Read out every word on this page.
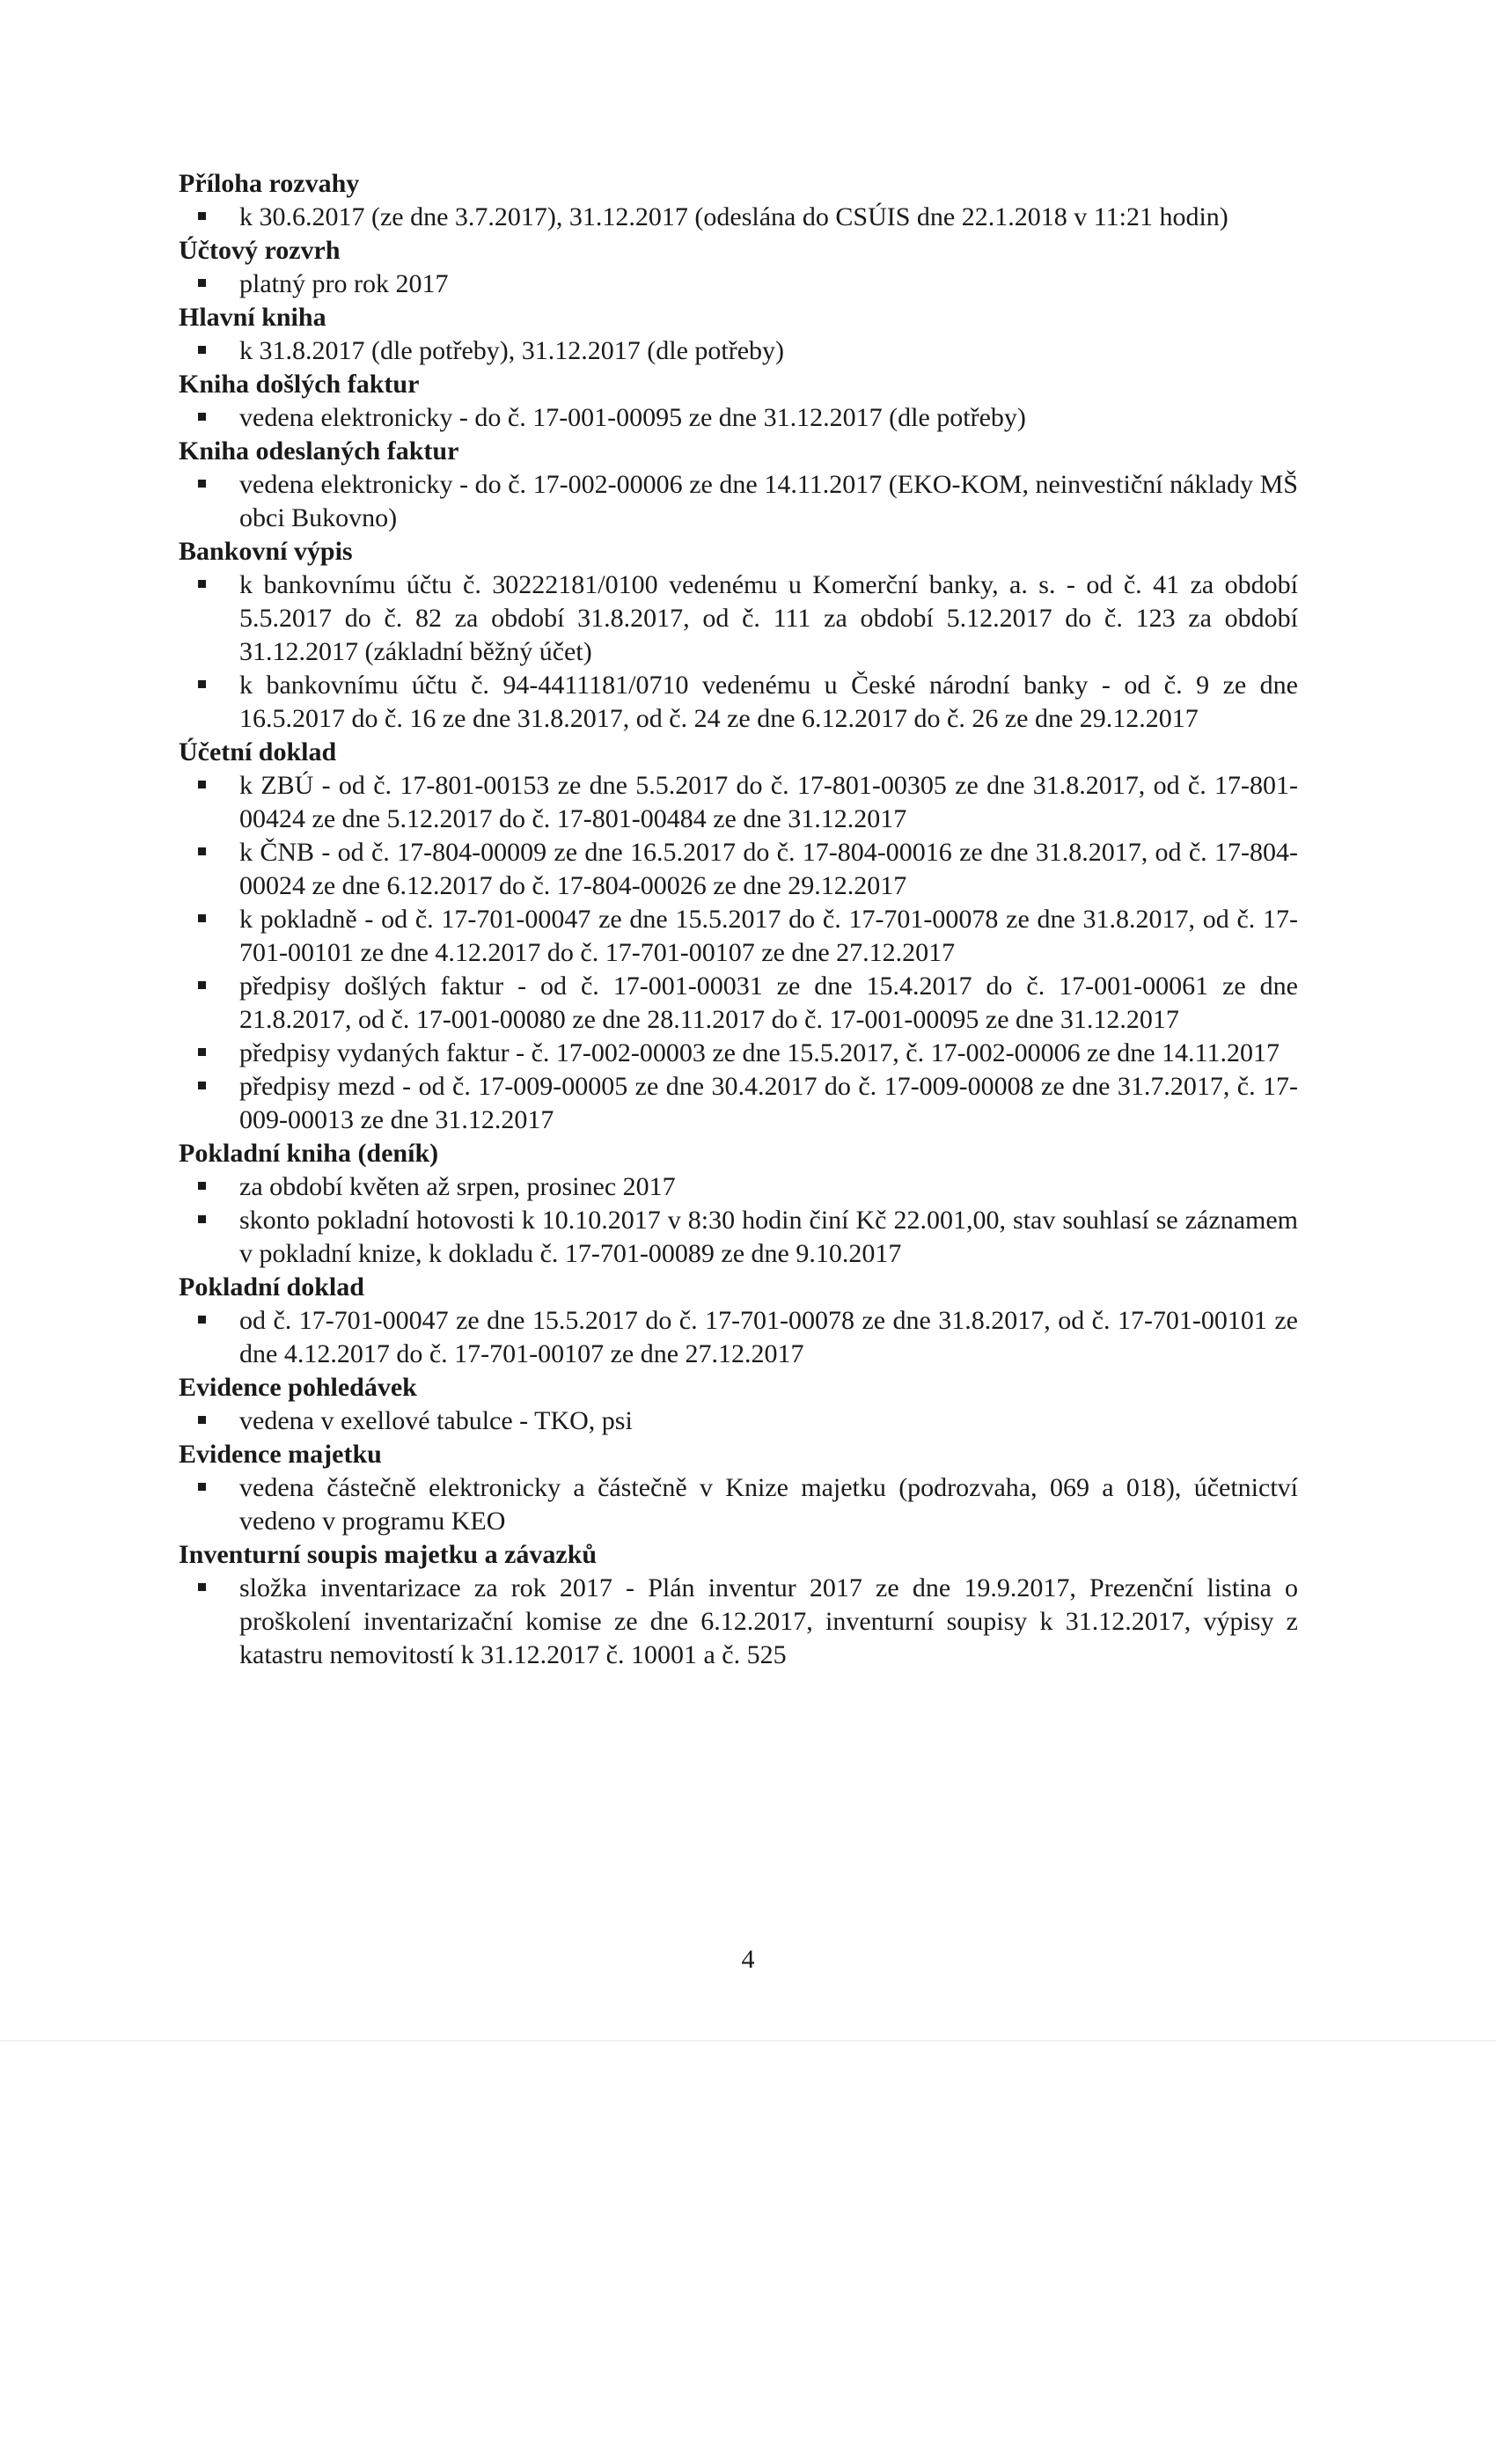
Příloha rozvahy
k 30.6.2017 (ze dne 3.7.2017), 31.12.2017 (odeslána do CSÚIS dne 22.1.2018 v 11:21 hodin)
Účtový rozvrh
platný pro rok 2017
Hlavní kniha
k 31.8.2017 (dle potřeby), 31.12.2017 (dle potřeby)
Kniha došlých faktur
vedena elektronicky - do č. 17-001-00095 ze dne 31.12.2017 (dle potřeby)
Kniha odeslaných faktur
vedena elektronicky - do č. 17-002-00006 ze dne 14.11.2017 (EKO-KOM, neinvestiční náklady MŠ obci Bukovno)
Bankovní výpis
k bankovnímu účtu č. 30222181/0100 vedenému u Komerční banky, a. s. - od č. 41 za období 5.5.2017 do č. 82 za období 31.8.2017, od č. 111 za období 5.12.2017 do č. 123 za období 31.12.2017 (základní běžný účet)
k bankovnímu účtu č. 94-4411181/0710 vedenému u České národní banky - od č. 9 ze dne 16.5.2017 do č. 16 ze dne 31.8.2017, od č. 24 ze dne 6.12.2017 do č. 26 ze dne 29.12.2017
Účetní doklad
k ZBÚ - od č. 17-801-00153 ze dne 5.5.2017 do č. 17-801-00305 ze dne 31.8.2017, od č. 17-801-00424 ze dne 5.12.2017 do č. 17-801-00484 ze dne 31.12.2017
k ČNB - od č. 17-804-00009 ze dne 16.5.2017 do č. 17-804-00016 ze dne 31.8.2017, od č. 17-804-00024 ze dne 6.12.2017 do č. 17-804-00026 ze dne 29.12.2017
k pokladně - od č. 17-701-00047 ze dne 15.5.2017 do č. 17-701-00078 ze dne 31.8.2017, od č. 17-701-00101 ze dne 4.12.2017 do č. 17-701-00107 ze dne 27.12.2017
předpisy došlých faktur - od č. 17-001-00031 ze dne 15.4.2017 do č. 17-001-00061 ze dne 21.8.2017, od č. 17-001-00080 ze dne 28.11.2017 do č. 17-001-00095 ze dne 31.12.2017
předpisy vydaných faktur - č. 17-002-00003 ze dne 15.5.2017, č. 17-002-00006 ze dne 14.11.2017
předpisy mezd - od č. 17-009-00005 ze dne 30.4.2017 do č. 17-009-00008 ze dne 31.7.2017, č. 17-009-00013 ze dne 31.12.2017
Pokladní kniha (deník)
za období květen až srpen, prosinec 2017
skonto pokladní hotovosti k 10.10.2017 v 8:30 hodin činí Kč 22.001,00, stav souhlasí se záznamem v pokladní knize, k dokladu č. 17-701-00089 ze dne 9.10.2017
Pokladní doklad
od č. 17-701-00047 ze dne 15.5.2017 do č. 17-701-00078 ze dne 31.8.2017, od č. 17-701-00101 ze dne 4.12.2017 do č. 17-701-00107 ze dne 27.12.2017
Evidence pohledávek
vedena v exellové tabulce - TKO, psi
Evidence majetku
vedena částečně elektronicky a částečně v Knize majetku (podrozvaha, 069 a 018), účetnictví vedeno v programu KEO
Inventurní soupis majetku a závazků
složka inventarizace za rok 2017 - Plán inventur 2017 ze dne 19.9.2017, Prezenční listina o proškolení inventarizační komise ze dne 6.12.2017, inventurní soupisy k 31.12.2017, výpisy z katastru nemovitostí k 31.12.2017 č. 10001 a č. 525
4
